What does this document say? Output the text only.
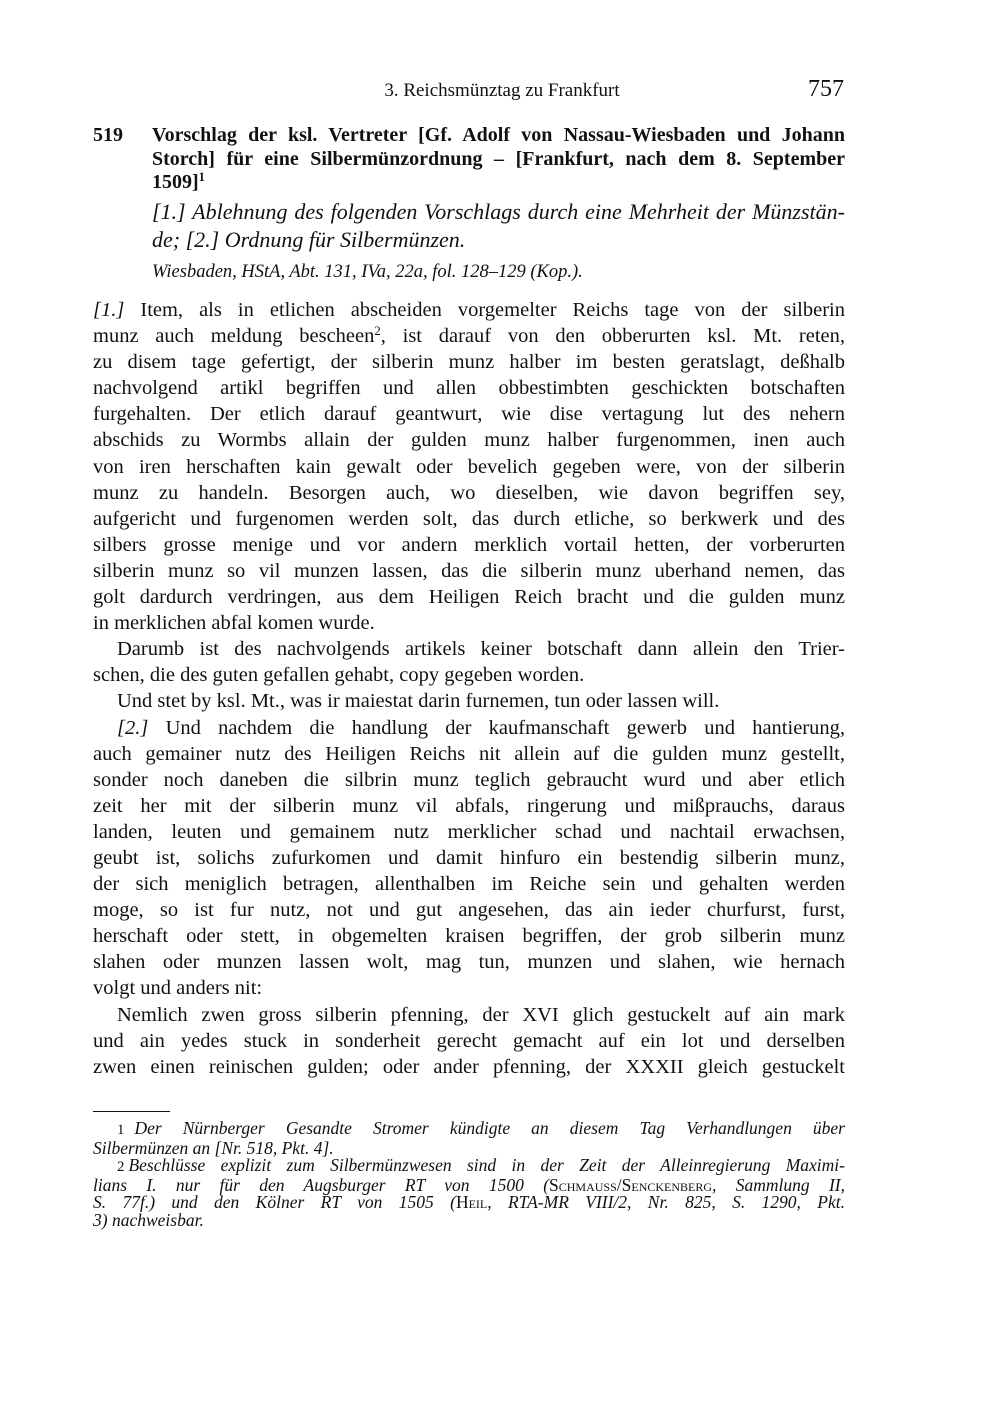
3. Reichsmünztag zu Frankfurt	757
519 Vorschlag der ksl. Vertreter [Gf. Adolf von Nassau-Wiesbaden und Johann
Storch] für eine Silbermünzordnung – [Frankfurt, nach dem 8. September
1509]$^1$
[1.] Ablehnung des folgenden Vorschlags durch eine Mehrheit der Münzstän-
de; [2.] Ordnung für Silbermünzen.
Wiesbaden, HStA, Abt. 131, IVa, 22a, fol. 128–129 (Kop.).
[1.] Item, als in etlichen abscheiden vorgemelter Reichs tage von der silberin
munz auch meldung bescheen$^2$, ist darauf von den obberurten ksl. Mt. reten,
zu disem tage gefertigt, der silberin munz halber im besten geratslagt, deßhalb
nachvolgend artikl begriffen und allen obbestimbten geschickten botschaften
furgehalten. Der etlich darauf geantwurt, wie dise vertagung lut des nehern
abschids zu Wormbs allain der gulden munz halber furgenommen, inen auch
von iren herschaften kain gewalt oder bevelich gegeben were, von der silberin
munz zu handeln. Besorgen auch, wo dieselben, wie davon begriffen sey,
aufgericht und furgenomen werden solt, das durch etliche, so berkwerk und des
silbers grosse menige und vor andern merklich vortail hetten, der vorberurten
silberin munz so vil munzen lassen, das die silberin munz uberhand nemen, das
golt dardurch verdringen, aus dem Heiligen Reich bracht und die gulden munz
in merklichen abfal komen wurde.
Darumb ist des nachvolgends artikels keiner botschaft dann allein den Trier-
schen, die des guten gefallen gehabt, copy gegeben worden.
Und stet by ksl. Mt., was ir maiestat darin furnemen, tun oder lassen will.
[2.] Und nachdem die handlung der kaufmanschaft gewerb und hantierung,
auch gemainer nutz des Heiligen Reichs nit allein auf die gulden munz gestellt,
sonder noch daneben die silbrin munz teglich gebraucht wurd und aber etlich
zeit her mit der silberin munz vil abfals, ringerung und mißprauchs, daraus
landen, leuten und gemainem nutz merklicher schad und nachtail erwachsen,
geubt ist, solichs zufurkomen und damit hinfuro ein bestendig silberin munz,
der sich meniglich betragen, allenthalben im Reiche sein und gehalten werden
moge, so ist fur nutz, not und gut angesehen, das ain ieder churfurst, furst,
herschaft oder stett, in obgemelten kraisen begriffen, der grob silberin munz
slahen oder munzen lassen wolt, mag tun, munzen und slahen, wie hernach
volgt und anders nit:
Nemlich zwen gross silberin pfenning, der XVI glich gestuckelt auf ain mark
und ain yedes stuck in sonderheit gerecht gemacht auf ein lot und derselben
zwen einen reinischen gulden; oder ander pfenning, der XXXII gleich gestuckelt
1 Der Nürnberger Gesandte Stromer kündigte an diesem Tag Verhandlungen über
Silbermünzen an [Nr. 518, Pkt. 4].
2 Beschlüsse explizit zum Silbermünzwesen sind in der Zeit der Alleinregierung Maximi-
lians I. nur für den Augsburger RT von 1500 (Schmauss/Senckenberg, Sammlung II,
S. 77f.) und den Kölner RT von 1505 (Heil, RTA-MR VIII/2, Nr. 825, S. 1290, Pkt.
3) nachweisbar.
